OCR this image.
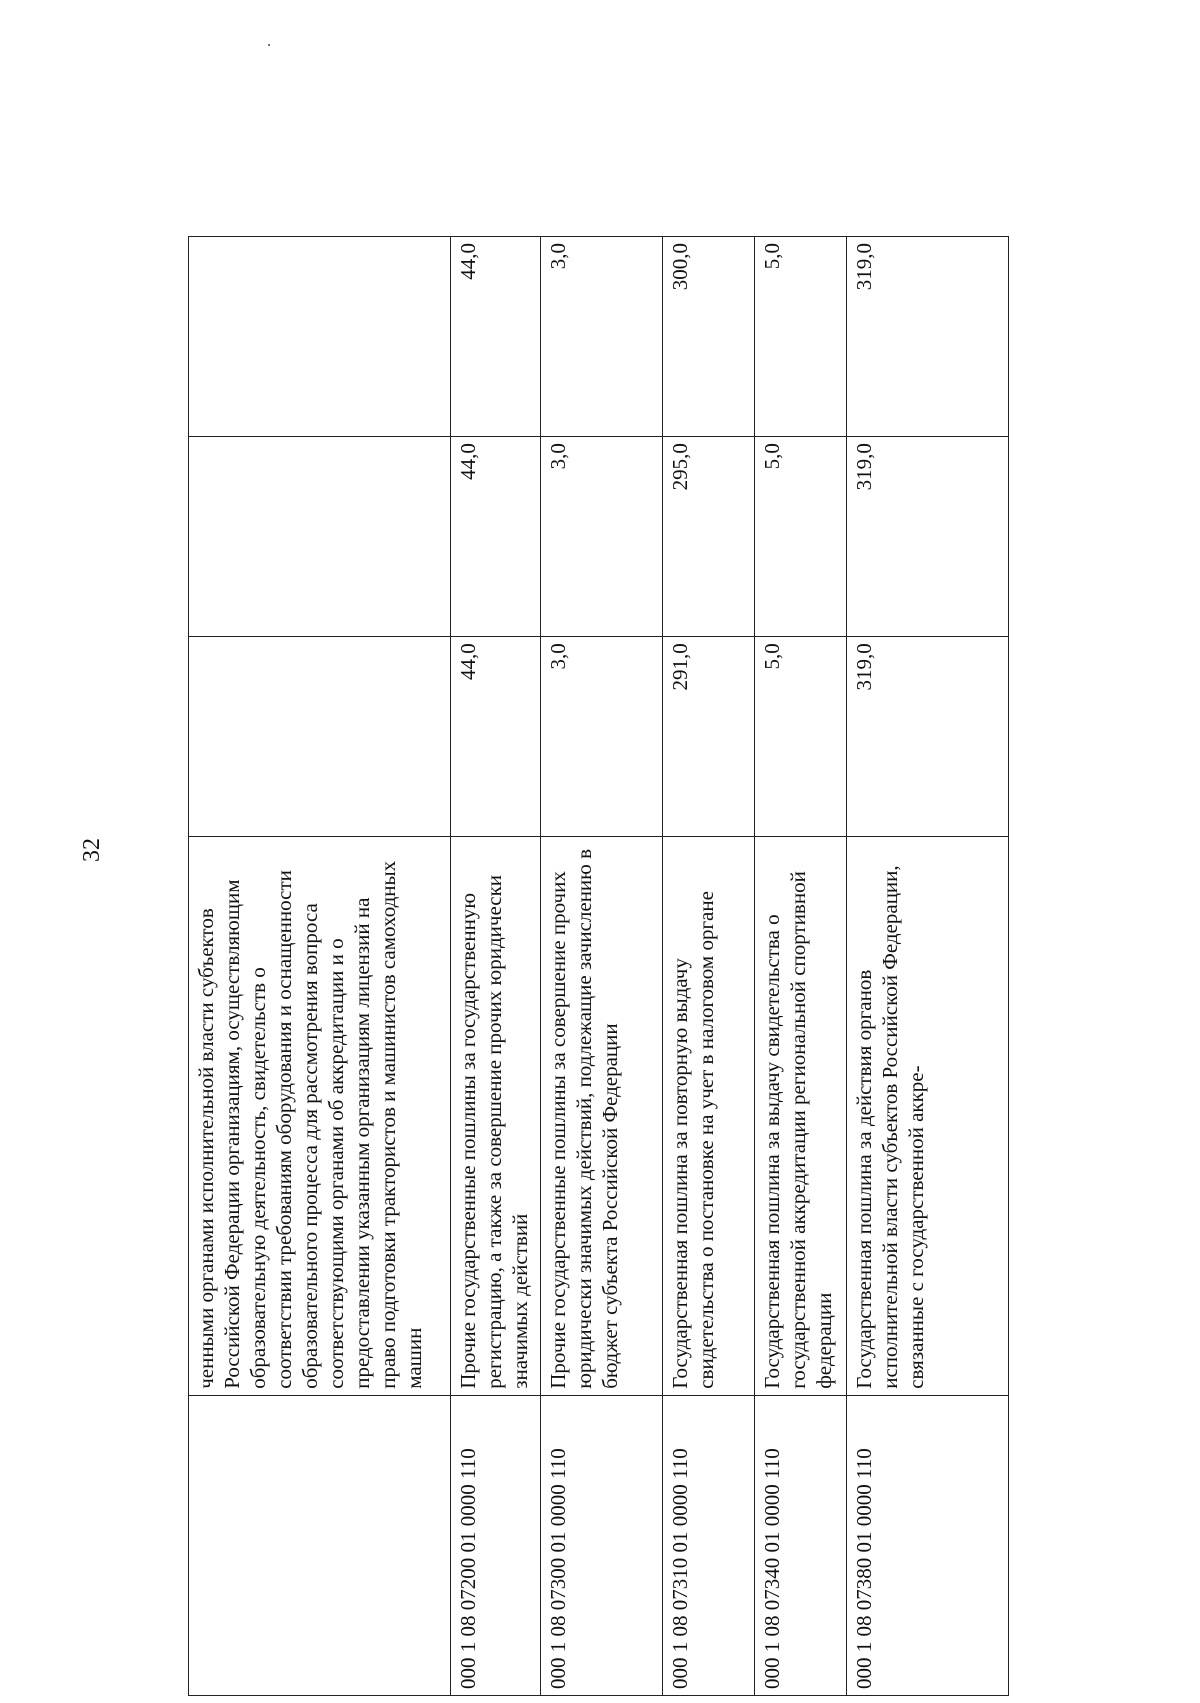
32
	ченными органами исполнительной власти субъектов Российской Федерации организациям, осуществляющим образовательную деятельность, свидетельств о соответствии требованиям оборудования и оснащенности образовательного процесса для рассмотрения вопроса соответствующими органами об аккредитации и о предоставлении указанным организациям лицензий на право подготовки трактористов и машинистов самоходных машин			
000 1 08 07200 01 0000 110	Прочие государственные пошлины за государственную регистрацию, а также за совершение прочих юридически значимых действий	44,0	44,0	44,0
000 1 08 07300 01 0000 110	Прочие государственные пошлины за совершение прочих юридически значимых действий, подлежащие зачислению в бюджет субъекта Российской Федерации	3,0	3,0	3,0
000 1 08 07310 01 0000 110	Государственная пошлина за повторную выдачу свидетельства о постановке на учет в налоговом органе	291,0	295,0	300,0
000 1 08 07340 01 0000 110	Государственная пошлина за выдачу свидетельства о государственной аккредитации региональной спортивной федерации	5,0	5,0	5,0
000 1 08 07380 01 0000 110	Государственная пошлина за действия органов исполнительной власти субъектов Российской Федерации, связанные с государственной аккре-	319,0	319,0	319,0
